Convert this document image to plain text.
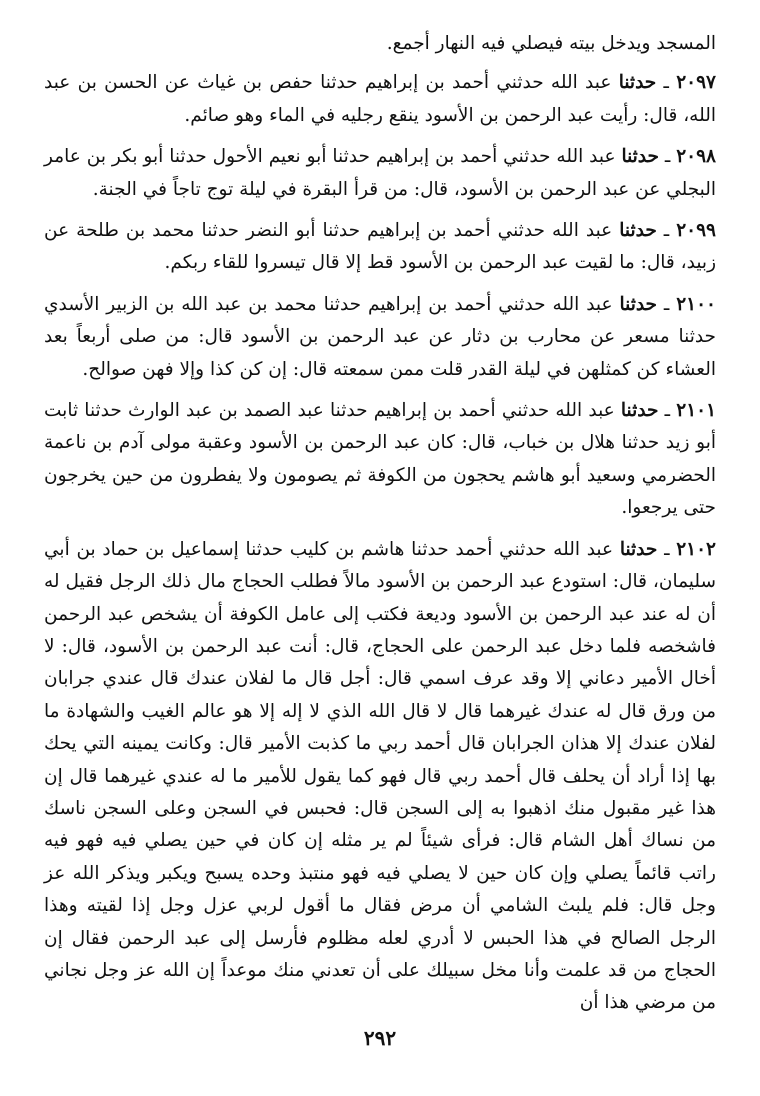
المسجد ويدخل بيته فيصلي فيه النهار أجمع.

٢٠٩٧ ـ حدثنا عبد الله حدثني أحمد بن إبراهيم حدثنا حفص بن غياث عن الحسن بن عبد الله، قال: رأيت عبد الرحمن بن الأسود ينقع رجليه في الماء وهو صائم.

٢٠٩٨ ـ حدثنا عبد الله حدثني أحمد بن إبراهيم حدثنا أبو نعيم الأحول حدثنا أبو بكر بن عامر البجلي عن عبد الرحمن بن الأسود، قال: من قرأ البقرة في ليلة توج تاجاً في الجنة.

٢٠٩٩ ـ حدثنا عبد الله حدثني أحمد بن إبراهيم حدثنا أبو النضر حدثنا محمد بن طلحة عن زبيد، قال: ما لقيت عبد الرحمن بن الأسود قط إلا قال تيسروا للقاء ربكم.

٢١٠٠ ـ حدثنا عبد الله حدثني أحمد بن إبراهيم حدثنا محمد بن عبد الله بن الزبير الأسدي حدثنا مسعر عن محارب بن دثار عن عبد الرحمن بن الأسود قال: من صلى أربعاً بعد العشاء كن كمثلهن في ليلة القدر قلت ممن سمعته قال: إن كن كذا وإلا فهن صوالح.

٢١٠١ ـ حدثنا عبد الله حدثني أحمد بن إبراهيم حدثنا عبد الصمد بن عبد الوارث حدثنا ثابت أبو زيد حدثنا هلال بن خباب، قال: كان عبد الرحمن بن الأسود وعقبة مولى آدم بن ناعمة الحضرمي وسعيد أبو هاشم يحجون من الكوفة ثم يصومون ولا يفطرون من حين يخرجون حتى يرجعوا.

٢١٠٢ ـ حدثنا عبد الله حدثني أحمد حدثنا هاشم بن كليب حدثنا إسماعيل بن حماد بن أبي سليمان، قال: استودع عبد الرحمن بن الأسود مالاً فطلب الحجاج مال ذلك الرجل فقيل له أن له عند عبد الرحمن بن الأسود وديعة فكتب إلى عامل الكوفة أن يشخص عبد الرحمن فاشخصه فلما دخل عبد الرحمن على الحجاج، قال: أنت عبد الرحمن بن الأسود، قال: لا أخال الأمير دعاني إلا وقد عرف اسمي قال: أجل قال ما لفلان عندك قال عندي جرابان من ورق قال له عندك غيرهما قال لا قال الله الذي لا إله إلا هو عالم الغيب والشهادة ما لفلان عندك إلا هذان الجرابان قال أحمد ربي ما كذبت الأمير قال: وكانت يمينه التي يحك بها إذا أراد أن يحلف قال أحمد ربي قال فهو كما يقول للأمير ما له عندي غيرهما قال إن هذا غير مقبول منك اذهبوا به إلى السجن قال: فحبس في السجن وعلى السجن ناسك من نساك أهل الشام قال: فرأى شيئاً لم ير مثله إن كان في حين يصلي فيه فهو فيه راتب قائماً يصلي وإن كان حين لا يصلي فيه فهو منتبذ وحده يسبح ويكبر ويذكر الله عز وجل قال: فلم يلبث الشامي أن مرض فقال ما أقول لربي عزل وجل إذا لقيته وهذا الرجل الصالح في هذا الحبس لا أدري لعله مظلوم فأرسل إلى عبد الرحمن فقال إن الحجاج من قد علمت وأنا مخل سبيلك على أن تعدني منك موعداً إن الله عز وجل نجاني من مرضي هذا أن

٢٩٢
